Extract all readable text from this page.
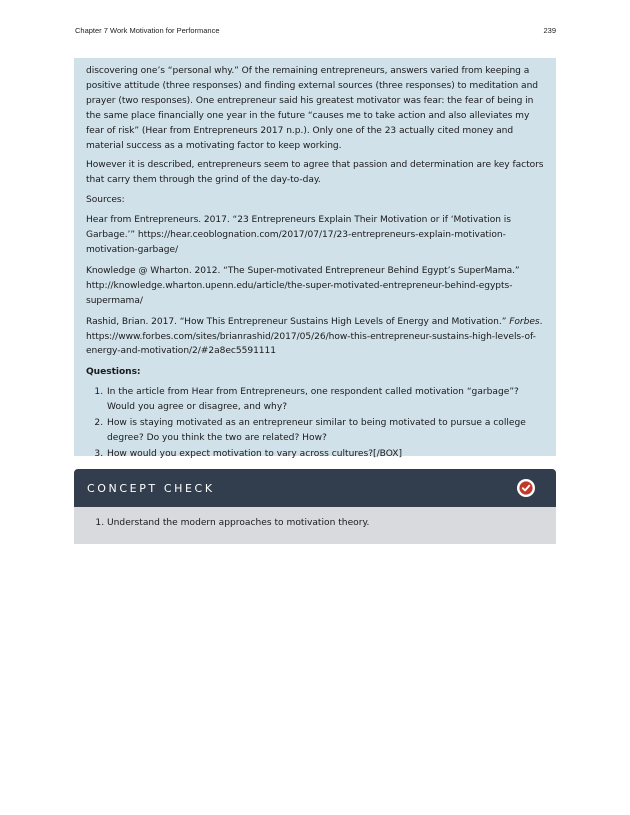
Chapter 7 Work Motivation for Performance	239

discovering one’s “personal why.” Of the remaining entrepreneurs, answers varied from keeping a positive attitude (three responses) and finding external sources (three responses) to meditation and prayer (two responses). One entrepreneur said his greatest motivator was fear: the fear of being in the same place financially one year in the future “causes me to take action and also alleviates my fear of risk” (Hear from Entrepreneurs 2017 n.p.). Only one of the 23 actually cited money and material success as a motivating factor to keep working.

However it is described, entrepreneurs seem to agree that passion and determination are key factors that carry them through the grind of the day-to-day.

Sources:

Hear from Entrepreneurs. 2017. “23 Entrepreneurs Explain Their Motivation or if ‘Motivation is Garbage.’” https://hear.ceoblognation.com/2017/07/17/23-entrepreneurs-explain-motivation-motivation-garbage/

Knowledge @ Wharton. 2012. “The Super-motivated Entrepreneur Behind Egypt’s SuperMama.” http://knowledge.wharton.upenn.edu/article/the-super-motivated-entrepreneur-behind-egypts-supermama/

Rashid, Brian. 2017. “How This Entrepreneur Sustains High Levels of Energy and Motivation.” Forbes. https://www.forbes.com/sites/brianrashid/2017/05/26/how-this-entrepreneur-sustains-high-levels-of-energy-and-motivation/2/#2a8ec5591111

Questions:

1. In the article from Hear from Entrepreneurs, one respondent called motivation “garbage”? Would you agree or disagree, and why?
2. How is staying motivated as an entrepreneur similar to being motivated to pursue a college degree? Do you think the two are related? How?
3. How would you expect motivation to vary across cultures?[/BOX]
CONCEPT CHECK
1. Understand the modern approaches to motivation theory.
